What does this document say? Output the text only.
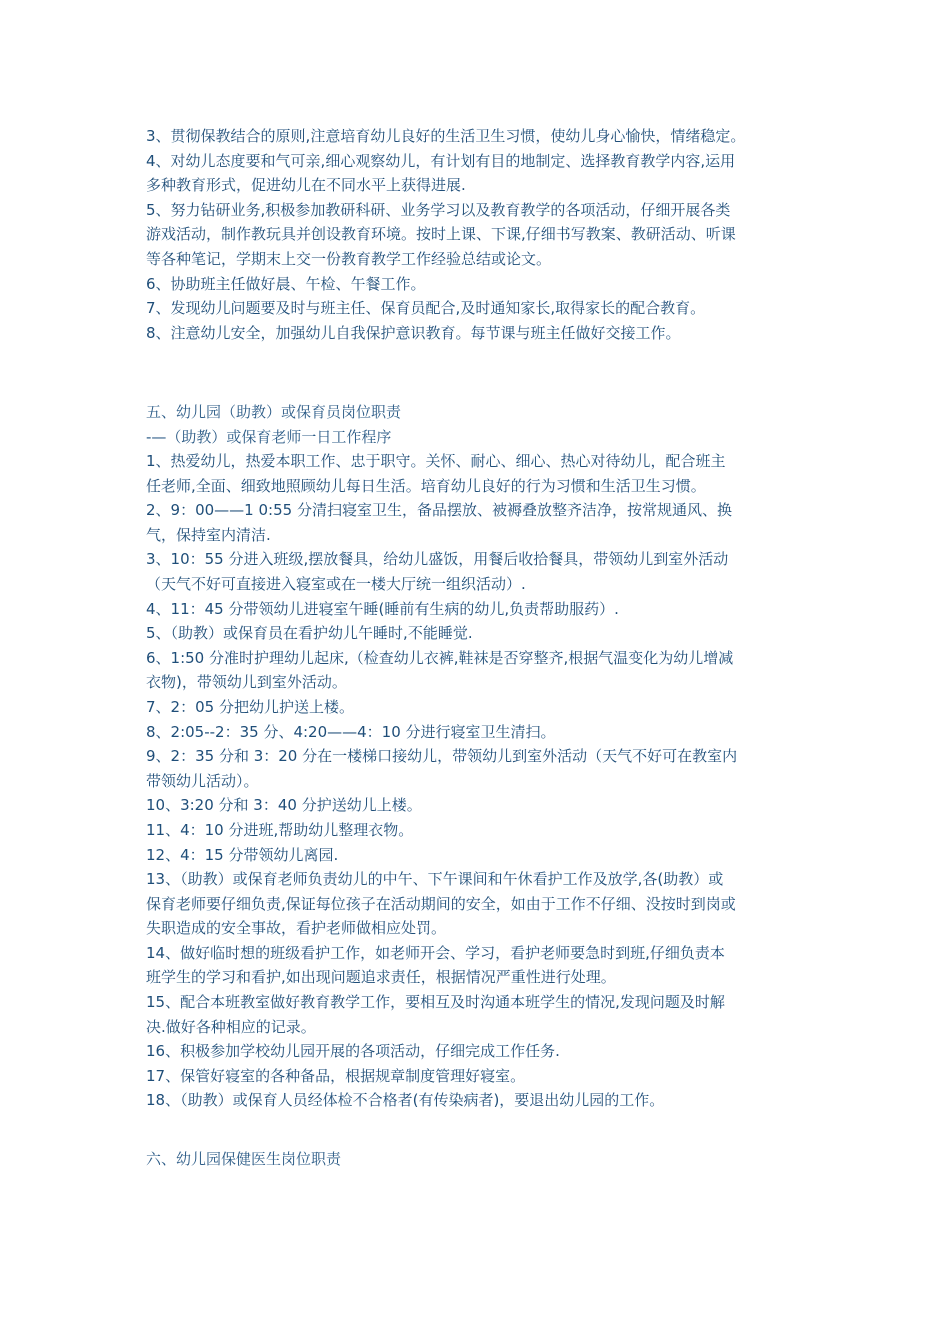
3、贯彻保教结合的原则,注意培育幼儿良好的生活卫生习惯，使幼儿身心愉快，情绪稳定。
4、对幼儿态度要和气可亲,细心观察幼儿，有计划有目的地制定、选择教育教学内容,运用
多种教育形式，促进幼儿在不同水平上获得进展.
5、努力钻研业务,积极参加教研科研、业务学习以及教育教学的各项活动，仔细开展各类
游戏活动，制作教玩具并创设教育环境。按时上课、下课,仔细书写教案、教研活动、听课
等各种笔记，学期末上交一份教育教学工作经验总结或论文。
6、协助班主任做好晨、午检、午餐工作。
7、发现幼儿问题要及时与班主任、保育员配合,及时通知家长,取得家长的配合教育。
8、注意幼儿安全，加强幼儿自我保护意识教育。每节课与班主任做好交接工作。
五、幼儿园（助教）或保育员岗位职责
-—（助教）或保育老师一日工作程序
1、热爱幼儿，热爱本职工作、忠于职守。关怀、耐心、细心、热心对待幼儿，配合班主
任老师,全面、细致地照顾幼儿每日生活。培育幼儿良好的行为习惯和生活卫生习惯。
2、9：00——1 0:55 分清扫寝室卫生，备品摆放、被褥叠放整齐洁净，按常规通风、换
气，保持室内清洁.
3、10：55 分进入班级,摆放餐具，给幼儿盛饭，用餐后收拾餐具，带领幼儿到室外活动
（天气不好可直接进入寝室或在一楼大厅统一组织活动）.
4、11：45 分带领幼儿进寝室午睡(睡前有生病的幼儿,负责帮助服药）.
5、（助教）或保育员在看护幼儿午睡时,不能睡觉.
6、1:50 分准时护理幼儿起床,（检查幼儿衣裤,鞋袜是否穿整齐,根据气温变化为幼儿增减
衣物)，带领幼儿到室外活动。
7、2：05 分把幼儿护送上楼。
8、2:05--2：35 分、4:20——4：10 分进行寝室卫生清扫。
9、2：35 分和 3：20 分在一楼梯口接幼儿，带领幼儿到室外活动（天气不好可在教室内
带领幼儿活动）。
10、3:20 分和 3：40 分护送幼儿上楼。
11、4：10 分进班,帮助幼儿整理衣物。
12、4：15 分带领幼儿离园.
13、（助教）或保育老师负责幼儿的中午、下午课间和午休看护工作及放学,各(助教）或
保育老师要仔细负责,保证每位孩子在活动期间的安全，如由于工作不仔细、没按时到岗或
失职造成的安全事故，看护老师做相应处罚。
14、做好临时想的班级看护工作，如老师开会、学习，看护老师要急时到班,仔细负责本
班学生的学习和看护,如出现问题追求责任，根据情况严重性进行处理。
15、配合本班教室做好教育教学工作，要相互及时沟通本班学生的情况,发现问题及时解
决.做好各种相应的记录。
16、积极参加学校幼儿园开展的各项活动，仔细完成工作任务.
17、保管好寝室的各种备品，根据规章制度管理好寝室。
18、（助教）或保育人员经体检不合格者(有传染病者)，要退出幼儿园的工作。
六、幼儿园保健医生岗位职责
